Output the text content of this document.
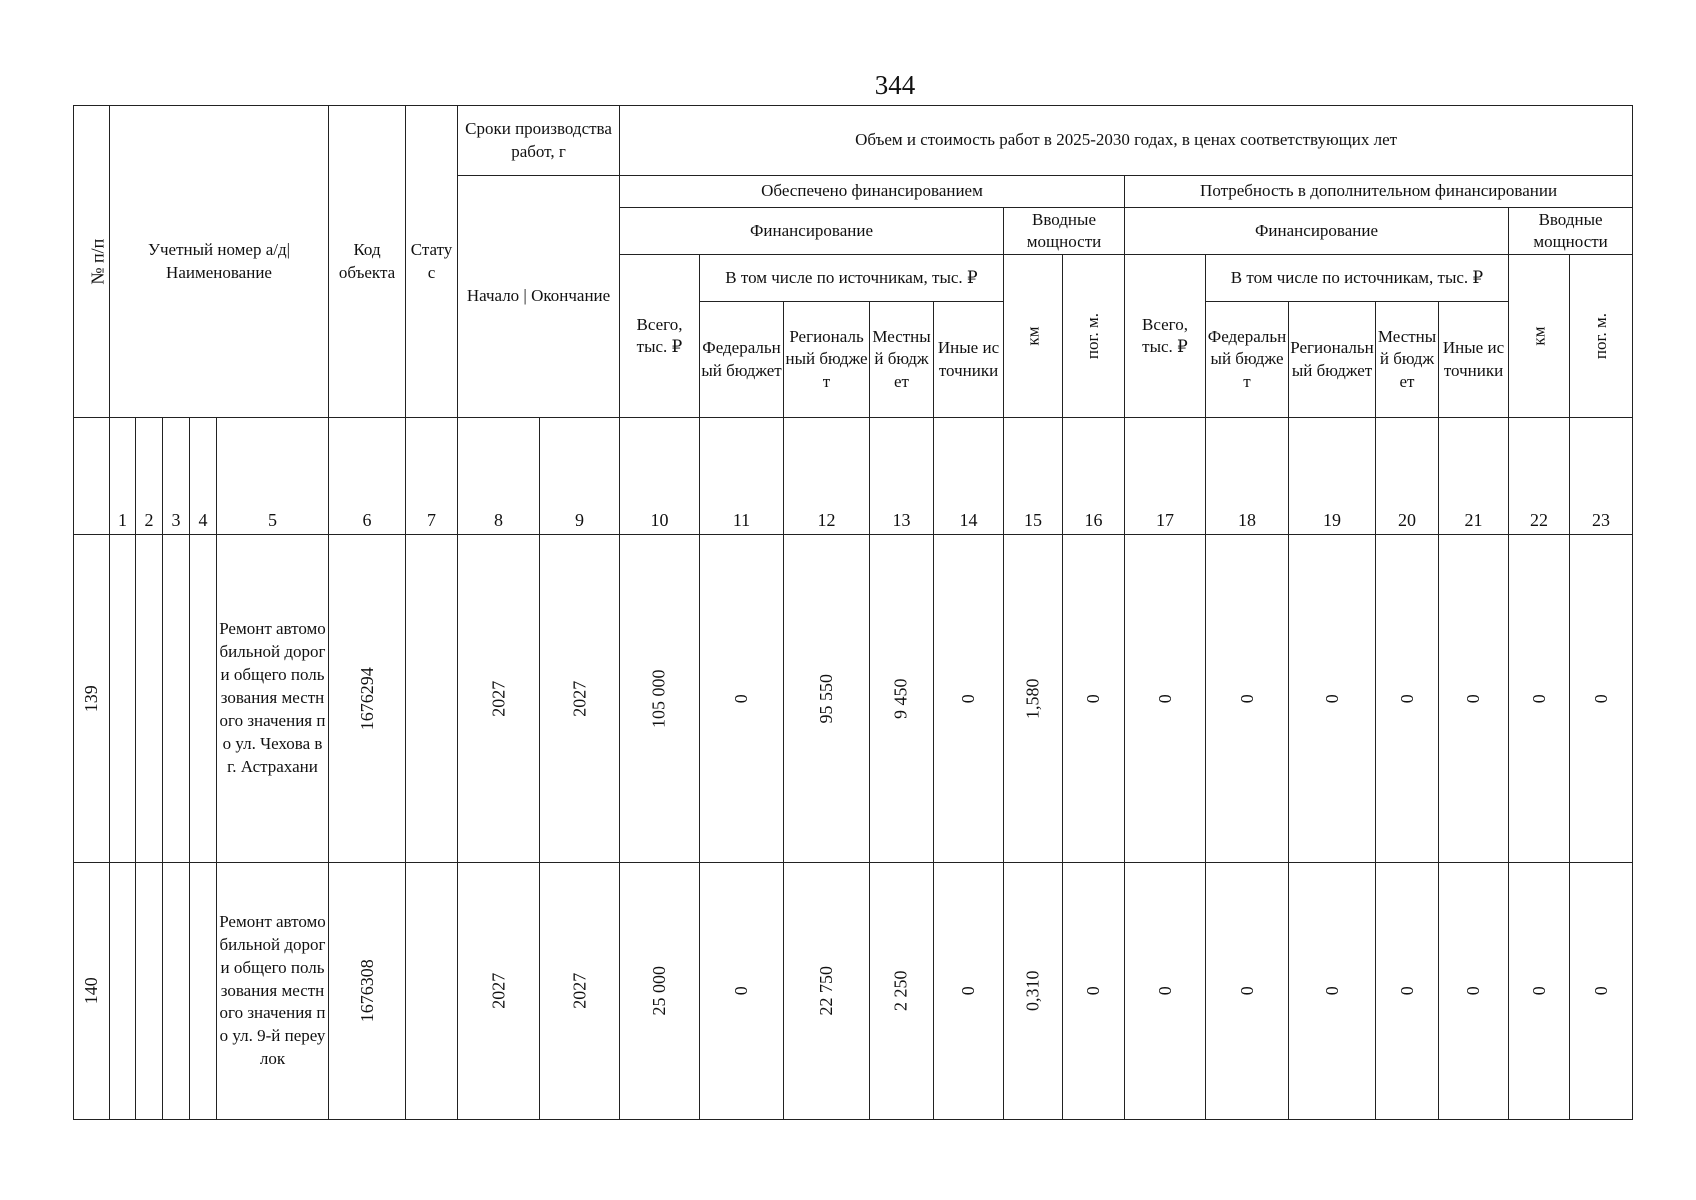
344
№ п/п	Учетный номер а/д| Наименование					Код объекта	Статус	Сроки производства работ, г		Объем и стоимость работ в 2025-2030 годах, в ценах соответствующих лет													
								Начало | Окончание		Обеспечено финансированием							Потребность в дополнительном финансировании						
										Финансирование					Вводные мощности		Финансирование					Вводные мощности	
										Всего, тыс. ₽	В том числе по источникам, тыс. ₽				км	пог. м.	Всего, тыс. ₽	В том числе по источникам, тыс. ₽				км	пог. м.
											Федеральный бюджет	Региональный бюджет	Местный бюджет	Иные источники				Федеральный бюджет	Региональный бюджет	Местный бюджет	Иные источники		
	1	2	3	4	5	6	7	8	9	10	11	12	13	14	15	16	17	18	19	20	21	22	23
139					Ремонт автомобильной дороги общего пользования местного значения по ул. Чехова в г. Астрахани	1676294		2027	2027	105 000	0	95 550	9 450	0	1,580	0	0	0	0	0	0	0	0
140					Ремонт автомобильной дороги общего пользования местного значения по ул. 9-й переулок	1676308		2027	2027	25 000	0	22 750	2 250	0	0,310	0	0	0	0	0	0	0	0
